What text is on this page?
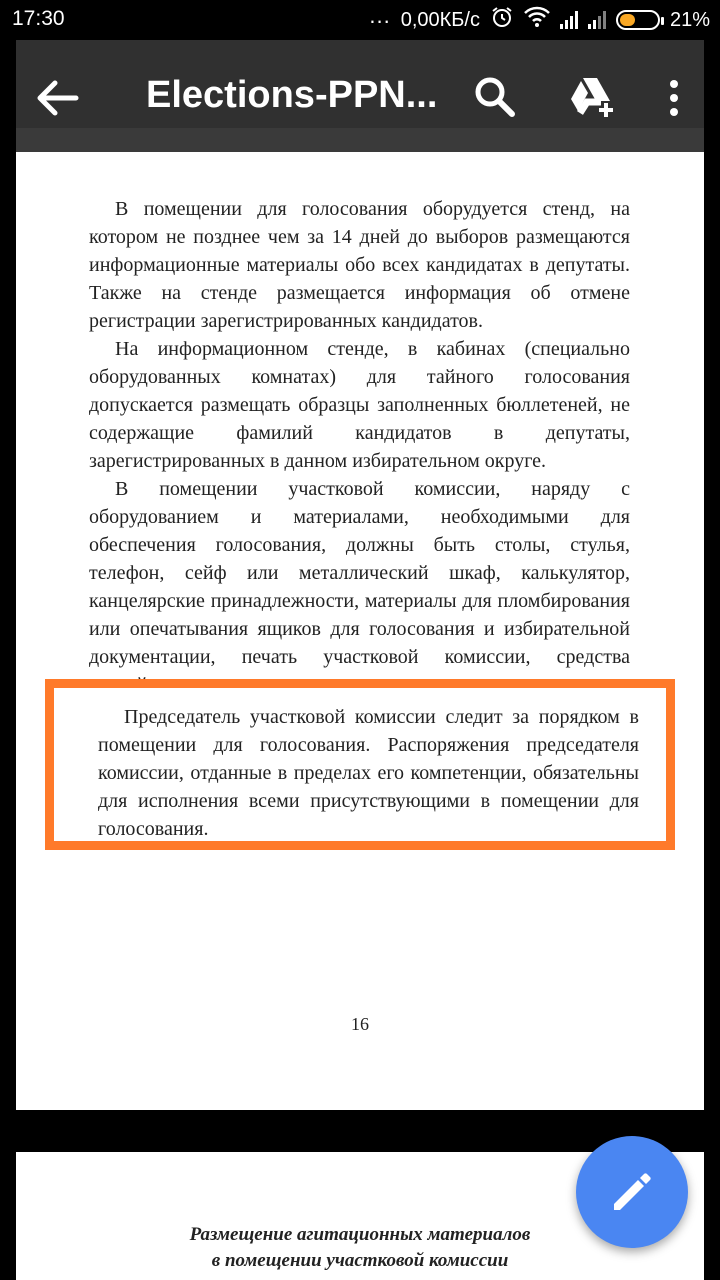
17:30	... 0,00КБ/с	21%
Elections-PPN...

В помещении для голосования оборудуется стенд, на котором не позднее чем за 14 дней до выборов размещаются информационные материалы обо всех кандидатах в депутаты. Также на стенде размещается информация об отмене регистрации зарегистрированных кандидатов.

На информационном стенде, в кабинах (специально оборудованных комнатах) для тайного голосования допускается размещать образцы заполненных бюллетеней, не содержащие фамилий кандидатов в депутаты, зарегистрированных в данном избирательном округе.

В помещении участковой комиссии, наряду с оборудованием и материалами, необходимыми для обеспечения голосования, должны быть столы, стулья, телефон, сейф или металлический шкаф, калькулятор, канцелярские принадлежности, материалы для пломбирования или опечатывания ящиков для голосования и избирательной документации, печать участковой комиссии, средства

Председатель участковой комиссии следит за порядком в помещении для голосования. Распоряжения председателя комиссии, отданные в пределах его компетенции, обязательны для исполнения всеми присутствующими в помещении для голосования.

16
Размещение агитационных материалов
в помещении участковой комиссии
